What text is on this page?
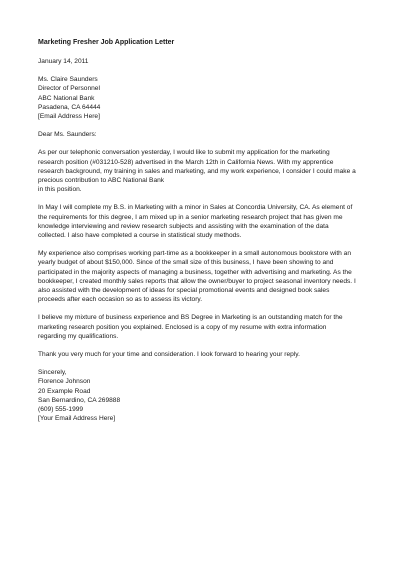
Marketing Fresher Job Application Letter
January 14, 2011
Ms. Claire Saunders
Director of Personnel
ABC National Bank
Pasadena, CA 64444
[Email Address Here]
Dear Ms. Saunders:
As per our telephonic conversation yesterday, I would like to submit my application for the marketing
research position (#031210-528) advertised in the March 12th in California News. With my apprentice
research background, my training in sales and marketing, and my work experience, I consider I could make a
precious contribution to ABC National Bank
in this position.
In May I will complete my B.S. in Marketing with a minor in Sales at Concordia University, CA. As element of
the requirements for this degree, I am mixed up in a senior marketing research project that has given me
knowledge interviewing and review research subjects and assisting with the examination of the data
collected. I also have completed a course in statistical study methods.
My experience also comprises working part-time as a bookkeeper in a small autonomous bookstore with an
yearly budget of about $150,000. Since of the small size of this business, I have been showing to and
participated in the majority aspects of managing a business, together with advertising and marketing. As the
bookkeeper, I created monthly sales reports that allow the owner/buyer to project seasonal inventory needs. I
also assisted with the development of ideas for special promotional events and designed book sales
proceeds after each occasion so as to assess its victory.
I believe my mixture of business experience and BS Degree in Marketing is an outstanding match for the
marketing research position you explained. Enclosed is a copy of my resume with extra information
regarding my qualifications.
Thank you very much for your time and consideration. I look forward to hearing your reply.
Sincerely,
Florence Johnson
20 Example Road
San Bernardino, CA 269888
(609) 555-1999
[Your Email Address Here]
